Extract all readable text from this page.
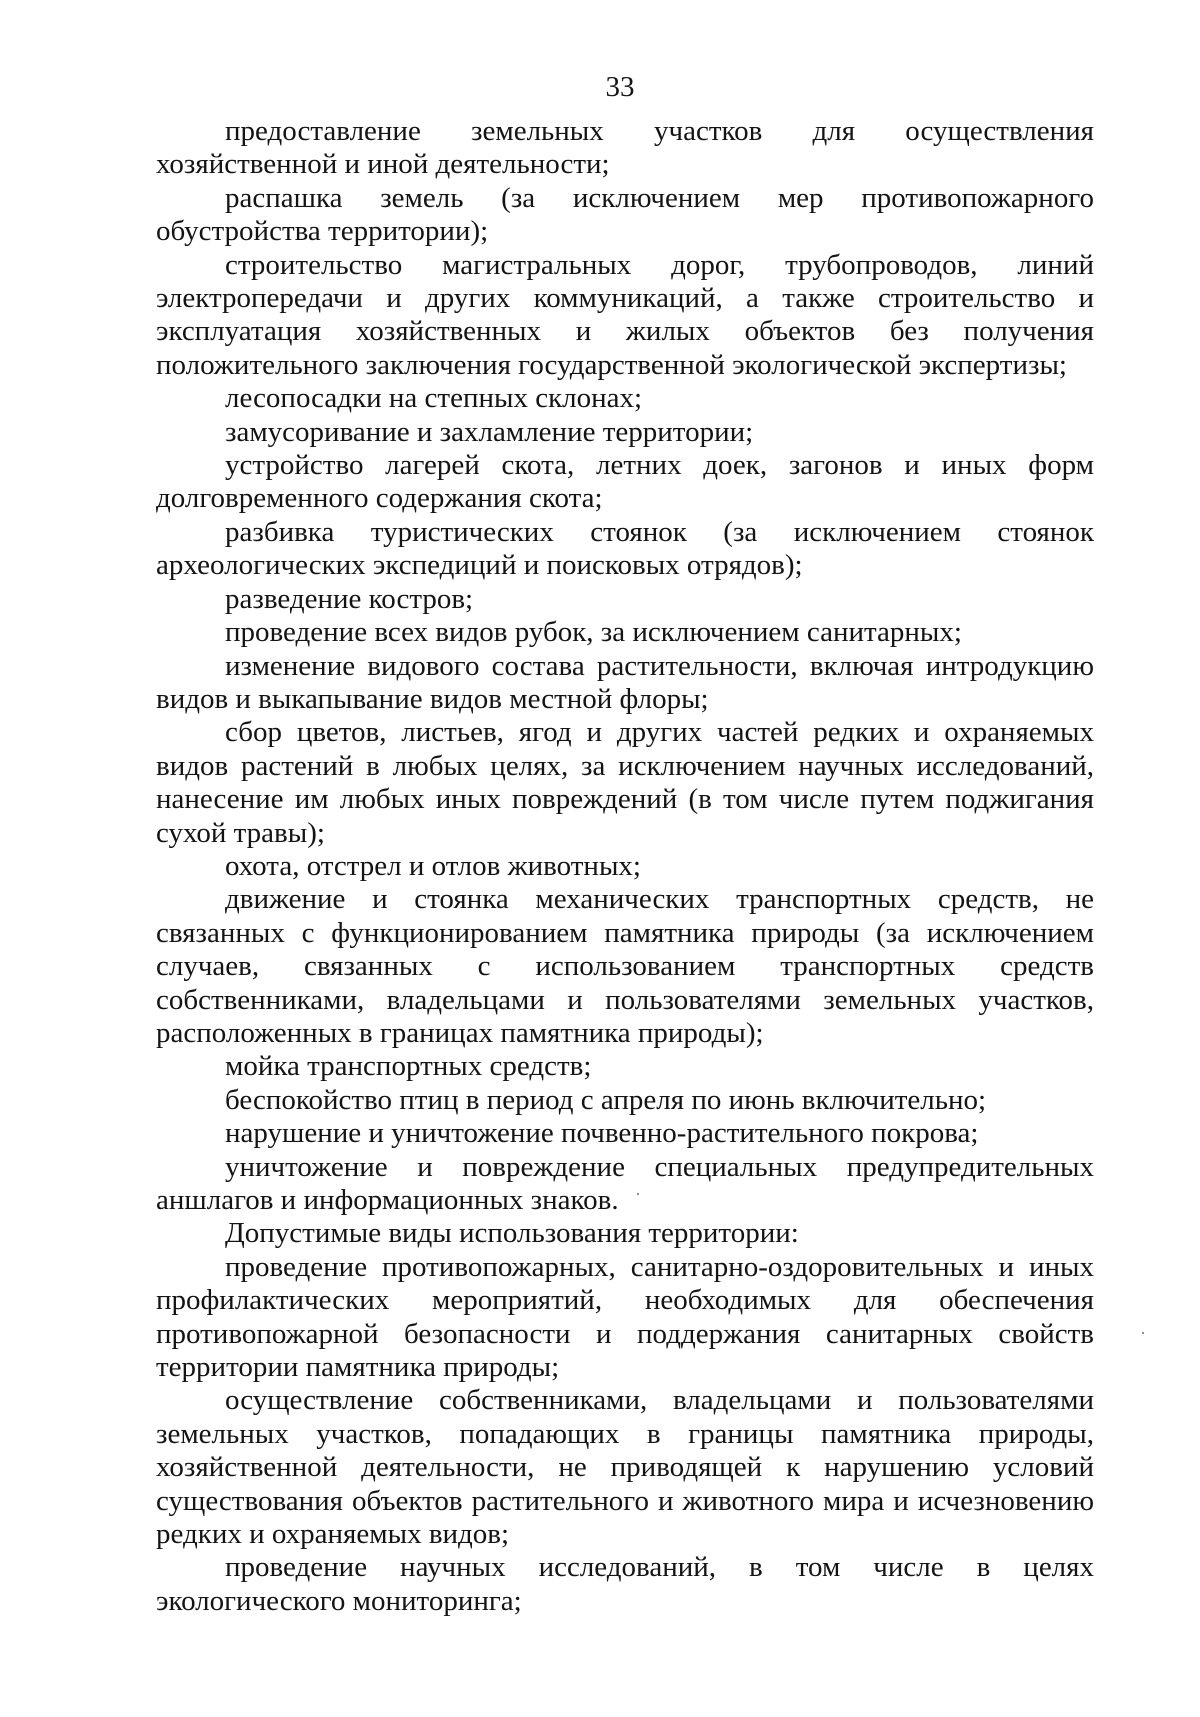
33

предоставление земельных участков для осуществления хозяйственной и иной деятельности;

распашка земель (за исключением мер противопожарного обустройства территории);

строительство магистральных дорог, трубопроводов, линий электропередачи и других коммуникаций, а также строительство и эксплуатация хозяйственных и жилых объектов без получения положительного заключения государственной экологической экспертизы;

лесопосадки на степных склонах;

замусоривание и захламление территории;

устройство лагерей скота, летних доек, загонов и иных форм долговременного содержания скота;

разбивка туристических стоянок (за исключением стоянок археологических экспедиций и поисковых отрядов);

разведение костров;

проведение всех видов рубок, за исключением санитарных;

изменение видового состава растительности, включая интродукцию видов и выкапывание видов местной флоры;

сбор цветов, листьев, ягод и других частей редких и охраняемых видов растений в любых целях, за исключением научных исследований, нанесение им любых иных повреждений (в том числе путем поджигания сухой травы);

охота, отстрел и отлов животных;

движение и стоянка механических транспортных средств, не связанных с функционированием памятника природы (за исключением случаев, связанных с использованием транспортных средств собственниками, владельцами и пользователями земельных участков, расположенных в границах памятника природы);

мойка транспортных средств;

беспокойство птиц в период с апреля по июнь включительно;

нарушение и уничтожение почвенно-растительного покрова;

уничтожение и повреждение специальных предупредительных аншлагов и информационных знаков.

Допустимые виды использования территории:

проведение противопожарных, санитарно-оздоровительных и иных профилактических мероприятий, необходимых для обеспечения противопожарной безопасности и поддержания санитарных свойств территории памятника природы;

осуществление собственниками, владельцами и пользователями земельных участков, попадающих в границы памятника природы, хозяйственной деятельности, не приводящей к нарушению условий существования объектов растительного и животного мира и исчезновению редких и охраняемых видов;

проведение научных исследований, в том числе в целях экологического мониторинга;
